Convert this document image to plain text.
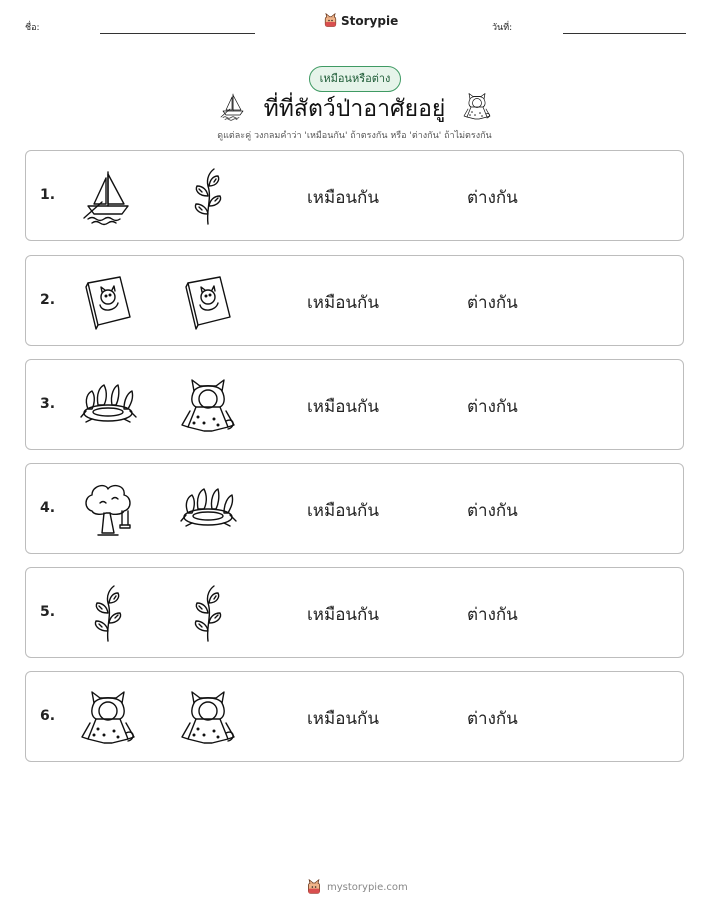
ชื่อ:
Storypie
วันที่:
เหมือนหรือต่าง
ที่ที่สัตว์ป่าอาศัยอยู่
ดูแต่ละคู่ วงกลมคำว่า 'เหมือนกัน' ถ้าตรงกัน หรือ 'ต่างกัน' ถ้าไม่ตรงกัน
1.	เหมือนกัน	ต่างกัน
2.	เหมือนกัน	ต่างกัน
3.	เหมือนกัน	ต่างกัน
4.	เหมือนกัน	ต่างกัน
5.	เหมือนกัน	ต่างกัน
6.	เหมือนกัน	ต่างกัน
mystorypie.com
